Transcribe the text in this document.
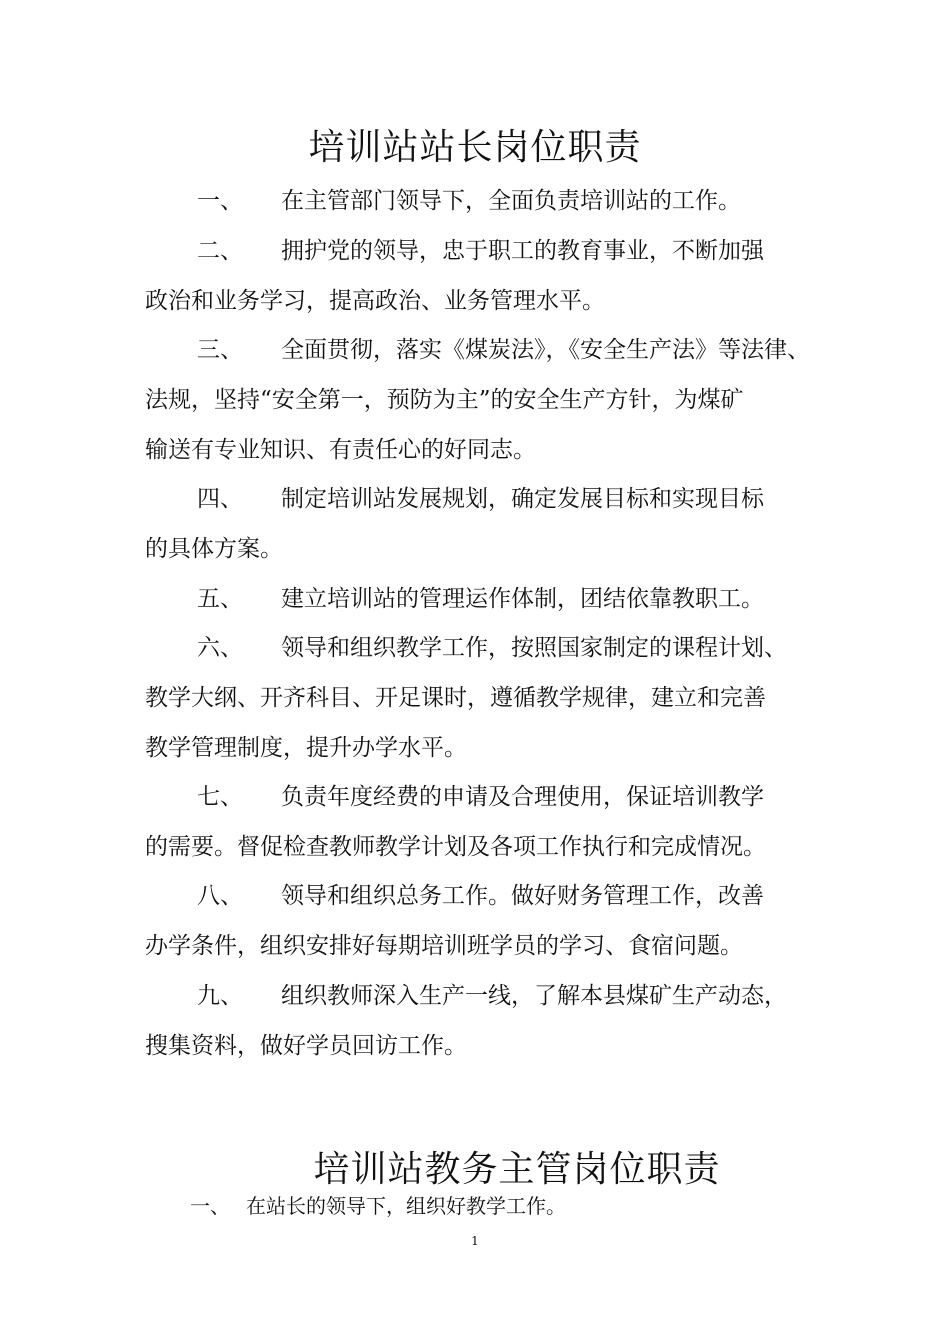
培训站站长岗位职责
一、 在主管部门领导下，全面负责培训站的工作。
二、 拥护党的领导，忠于职工的教育事业，不断加强
政治和业务学习，提高政治、业务管理水平。
三、 全面贯彻，落实《煤炭法》，《安全生产法》等法律、
法规，坚持“安全第一，预防为主”的安全生产方针，为煤矿
输送有专业知识、有责任心的好同志。
四、 制定培训站发展规划，确定发展目标和实现目标
的具体方案。
五、 建立培训站的管理运作体制，团结依靠教职工。
六、 领导和组织教学工作，按照国家制定的课程计划、
教学大纲、开齐科目、开足课时，遵循教学规律，建立和完善
教学管理制度，提升办学水平。
七、 负责年度经费的申请及合理使用，保证培训教学
的需要。督促检查教师教学计划及各项工作执行和完成情况。
八、 领导和组织总务工作。做好财务管理工作，改善
办学条件，组织安排好每期培训班学员的学习、食宿问题。
九、 组织教师深入生产一线，了解本县煤矿生产动态，
搜集资料，做好学员回访工作。
培训站教务主管岗位职责
一、 在站长的领导下，组织好教学工作。
1
